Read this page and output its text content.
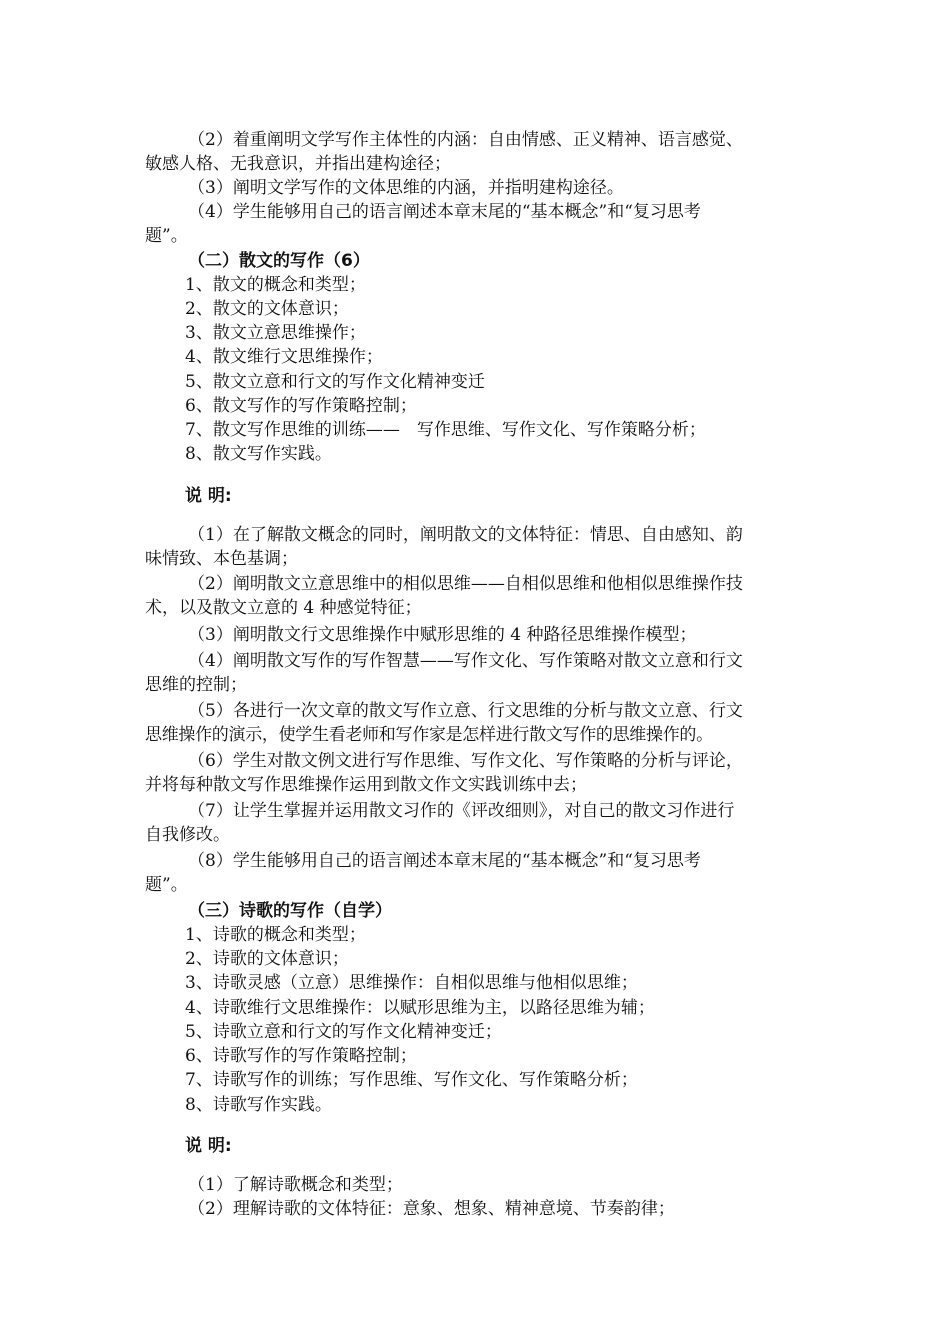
（2）着重阐明文学写作主体性的内涵：自由情感、正义精神、语言感觉、
敏感人格、无我意识，并指出建构途径；
（3）阐明文学写作的文体思维的内涵，并指明建构途径。
（4）学生能够用自己的语言阐述本章末尾的“基本概念”和“复习思考
题”。
（二）散文的写作（6）
1、散文的概念和类型；
2、散文的文体意识；
3、散文立意思维操作；
4、散文维行文思维操作；
5、散文立意和行文的写作文化精神变迁
6、散文写作的写作策略控制；
7、散文写作思维的训练——　写作思维、写作文化、写作策略分析；
8、散文写作实践。
说 明:
（1）在了解散文概念的同时，阐明散文的文体特征：情思、自由感知、韵
味情致、本色基调；
（2）阐明散文立意思维中的相似思维——自相似思维和他相似思维操作技
术，以及散文立意的 4 种感觉特征；
（3）阐明散文行文思维操作中赋形思维的 4 种路径思维操作模型；
（4）阐明散文写作的写作智慧——写作文化、写作策略对散文立意和行文
思维的控制；
（5）各进行一次文章的散文写作立意、行文思维的分析与散文立意、行文
思维操作的演示，使学生看老师和写作家是怎样进行散文写作的思维操作的。
（6）学生对散文例文进行写作思维、写作文化、写作策略的分析与评论，
并将每种散文写作思维操作运用到散文作文实践训练中去；
（7）让学生掌握并运用散文习作的《评改细则》，对自己的散文习作进行
自我修改。
（8）学生能够用自己的语言阐述本章末尾的“基本概念”和“复习思考
题”。
（三）诗歌的写作（自学）
1、诗歌的概念和类型；
2、诗歌的文体意识；
3、诗歌灵感（立意）思维操作：自相似思维与他相似思维；
4、诗歌维行文思维操作：以赋形思维为主，以路径思维为辅；
5、诗歌立意和行文的写作文化精神变迁；
6、诗歌写作的写作策略控制；
7、诗歌写作的训练；写作思维、写作文化、写作策略分析；
8、诗歌写作实践。
说 明:
（1）了解诗歌概念和类型；
（2）理解诗歌的文体特征：意象、想象、精神意境、节奏韵律；
